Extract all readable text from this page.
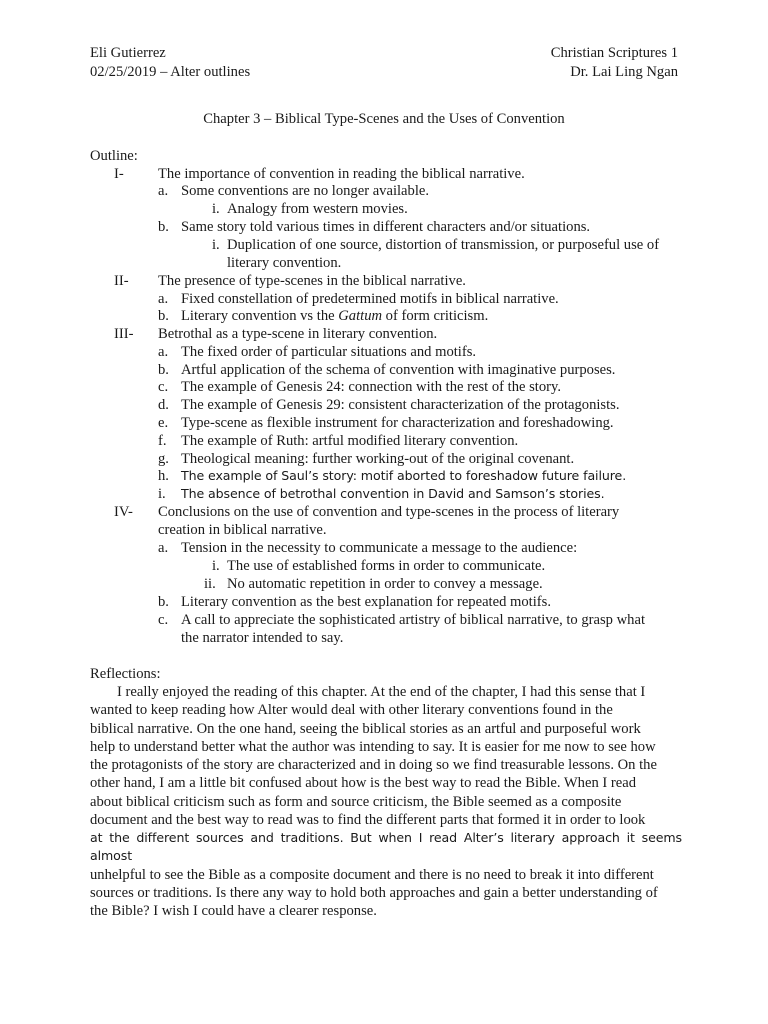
Eli Gutierrez
02/25/2019 – Alter outlines
Christian Scriptures 1
Dr. Lai Ling Ngan
Chapter 3 – Biblical Type-Scenes and the Uses of Convention
Outline:
I- The importance of convention in reading the biblical narrative.
a. Some conventions are no longer available.
i. Analogy from western movies.
b. Same story told various times in different characters and/or situations.
i. Duplication of one source, distortion of transmission, or purposeful use of
literary convention.
II- The presence of type-scenes in the biblical narrative.
a. Fixed constellation of predetermined motifs in biblical narrative.
b. Literary convention vs the Gattum of form criticism.
III- Betrothal as a type-scene in literary convention.
a. The fixed order of particular situations and motifs.
b. Artful application of the schema of convention with imaginative purposes.
c. The example of Genesis 24: connection with the rest of the story.
d. The example of Genesis 29: consistent characterization of the protagonists.
e. Type-scene as flexible instrument for characterization and foreshadowing.
f. The example of Ruth: artful modified literary convention.
g. Theological meaning: further working-out of the original covenant.
h. The example of Saul’s story: motif aborted to foreshadow future failure.
i. The absence of betrothal convention in David and Samson’s stories.
IV- Conclusions on the use of convention and type-scenes in the process of literary
creation in biblical narrative.
a. Tension in the necessity to communicate a message to the audience:
i. The use of established forms in order to communicate.
ii. No automatic repetition in order to convey a message.
b. Literary convention as the best explanation for repeated motifs.
c. A call to appreciate the sophisticated artistry of biblical narrative, to grasp what
the narrator intended to say.
Reflections:
I really enjoyed the reading of this chapter. At the end of the chapter, I had this sense that I
wanted to keep reading how Alter would deal with other literary conventions found in the
biblical narrative. On the one hand, seeing the biblical stories as an artful and purposeful work
help to understand better what the author was intending to say. It is easier for me now to see how
the protagonists of the story are characterized and in doing so we find treasurable lessons. On the
other hand, I am a little bit confused about how is the best way to read the Bible. When I read
about biblical criticism such as form and source criticism, the Bible seemed as a composite
document and the best way to read was to find the different parts that formed it in order to look
at the different sources and traditions. But when I read Alter’s literary approach it seems almost
unhelpful to see the Bible as a composite document and there is no need to break it into different
sources or traditions. Is there any way to hold both approaches and gain a better understanding of
the Bible? I wish I could have a clearer response.
